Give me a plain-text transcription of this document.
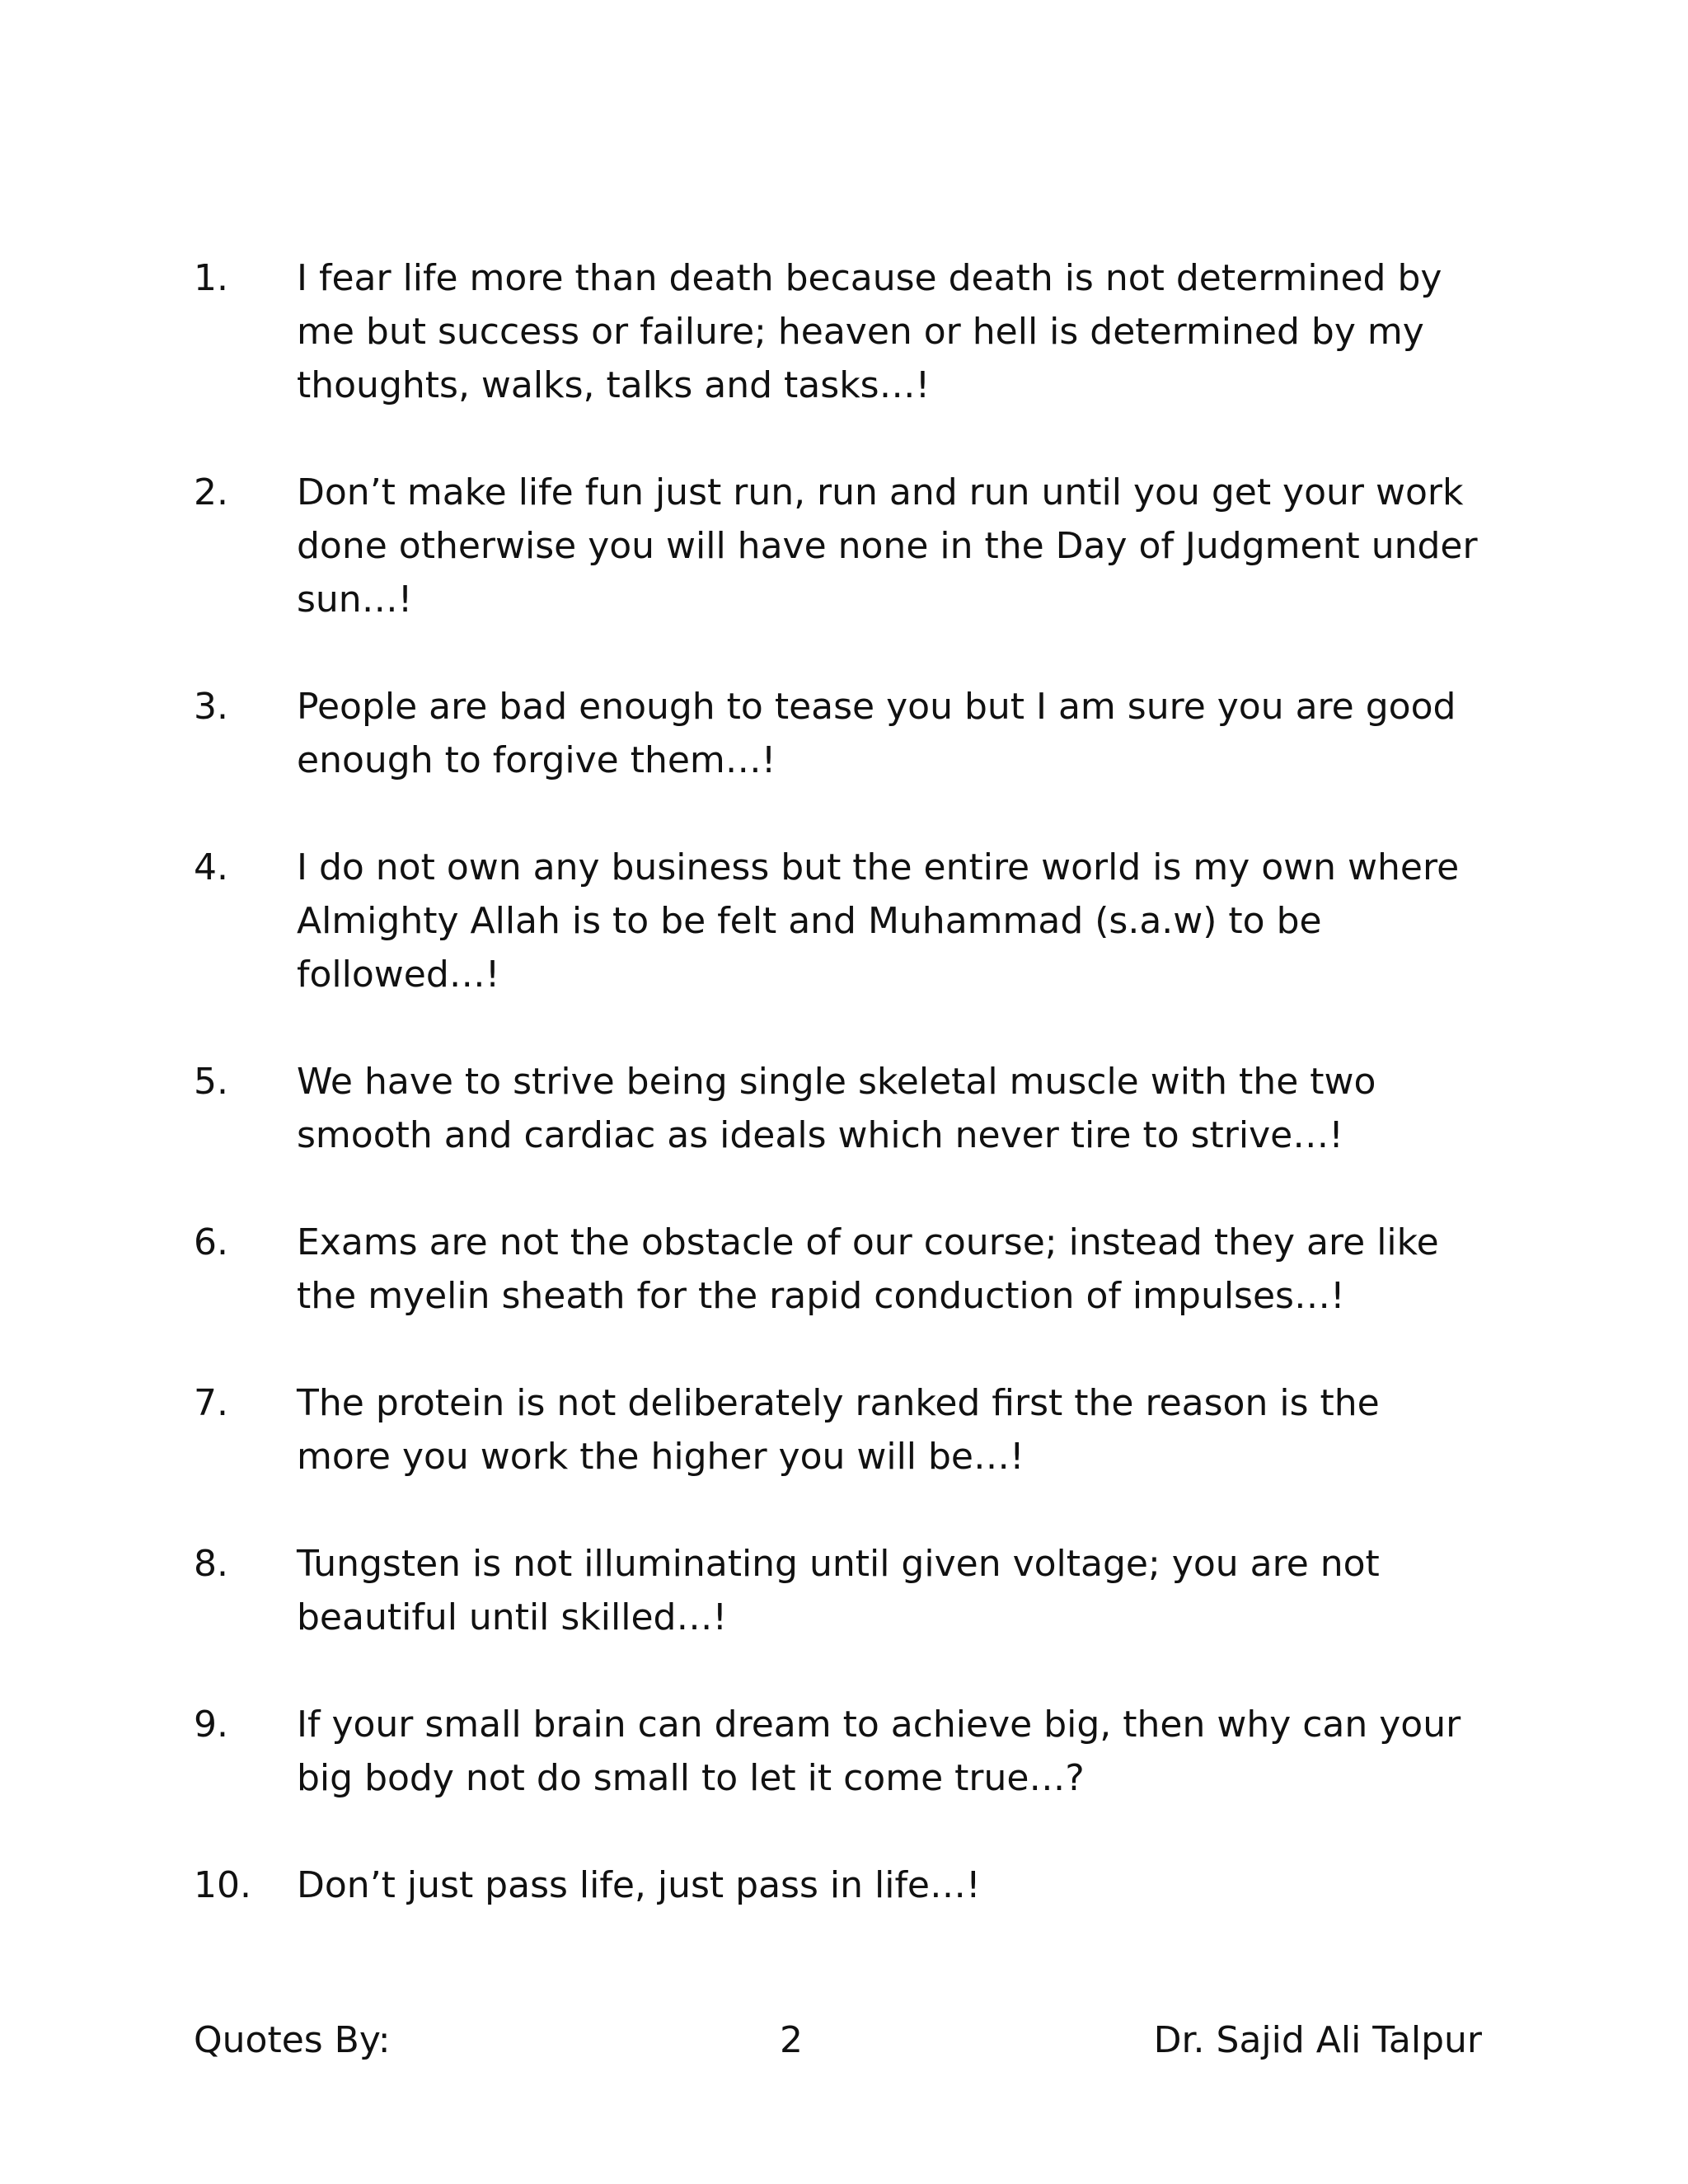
1.	I fear life more than death because death is not determined by
me but success or failure; heaven or hell is determined by my
thoughts, walks, talks and tasks…!
2.	Don’t make life fun just run, run and run until you get your work
done otherwise you will have none in the Day of Judgment under
sun…!
3.	People are bad enough to tease you but I am sure you are good
enough to forgive them…!
4.	I do not own any business but the entire world is my own where
Almighty Allah is to be felt and Muhammad (s.a.w) to be
followed…!
5.	We have to strive being single skeletal muscle with the two
smooth and cardiac as ideals which never tire to strive…!
6.	Exams are not the obstacle of our course; instead they are like
the myelin sheath for the rapid conduction of impulses…!
7.	The protein is not deliberately ranked first the reason is the
more you work the higher you will be…!
8.	Tungsten is not illuminating until given voltage; you are not
beautiful until skilled…!
9.	If your small brain can dream to achieve big, then why can your
big body not do small to let it come true…?
10.	Don’t just pass life, just pass in life…!
Quotes By:	2	Dr. Sajid Ali Talpur
